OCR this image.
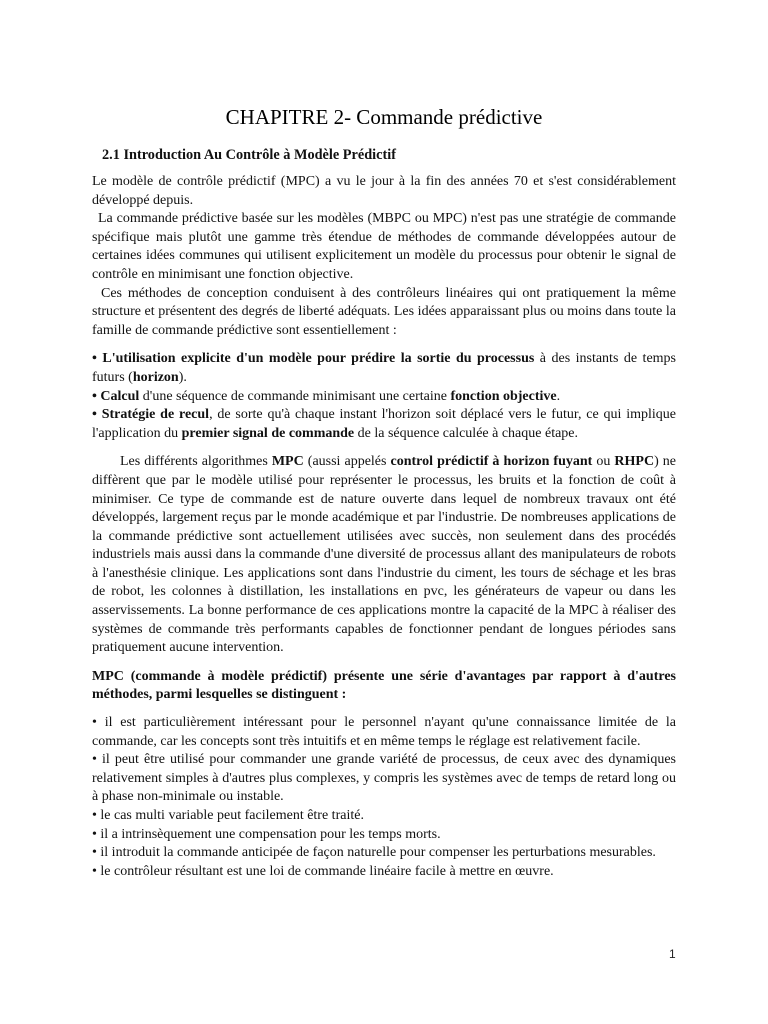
CHAPITRE 2- Commande prédictive
2.1 Introduction Au Contrôle à Modèle Prédictif

Le modèle de contrôle prédictif (MPC) a vu le jour à la fin des années 70 et s'est considérablement développé depuis.

La commande prédictive basée sur les modèles (MBPC ou MPC) n'est pas une stratégie de commande spécifique mais plutôt une gamme très étendue de méthodes de commande développées autour de certaines idées communes qui utilisent explicitement un modèle du processus pour obtenir le signal de contrôle en minimisant une fonction objective.

Ces méthodes de conception conduisent à des contrôleurs linéaires qui ont pratiquement la même structure et présentent des degrés de liberté adéquats. Les idées apparaissant plus ou moins dans toute la famille de commande prédictive sont essentiellement :

• L'utilisation explicite d'un modèle pour prédire la sortie du processus à des instants de temps futurs (horizon).

• Calcul d'une séquence de commande minimisant une certaine fonction objective.

• Stratégie de recul, de sorte qu'à chaque instant l'horizon soit déplacé vers le futur, ce qui implique l'application du premier signal de commande de la séquence calculée à chaque étape.

Les différents algorithmes MPC (aussi appelés control prédictif à horizon fuyant ou RHPC) ne diffèrent que par le modèle utilisé pour représenter le processus, les bruits et la fonction de coût à minimiser. Ce type de commande est de nature ouverte dans lequel de nombreux travaux ont été développés, largement reçus par le monde académique et par l'industrie. De nombreuses applications de la commande prédictive sont actuellement utilisées avec succès, non seulement dans des procédés industriels mais aussi dans la commande d'une diversité de processus allant des manipulateurs de robots à l'anesthésie clinique. Les applications sont dans l'industrie du ciment, les tours de séchage et les bras de robot, les colonnes à distillation, les installations en pvc, les générateurs de vapeur ou dans les asservissements. La bonne performance de ces applications montre la capacité de la MPC à réaliser des systèmes de commande très performants capables de fonctionner pendant de longues périodes sans pratiquement aucune intervention.

MPC (commande à modèle prédictif) présente une série d'avantages par rapport à d'autres méthodes, parmi lesquelles se distinguent :

• il est particulièrement intéressant pour le personnel n'ayant qu'une connaissance limitée de la commande, car les concepts sont très intuitifs et en même temps le réglage est relativement facile.

• il peut être utilisé pour commander une grande variété de processus, de ceux avec des dynamiques relativement simples à d'autres plus complexes, y compris les systèmes avec de temps de retard long ou à phase non-minimale ou instable.

• le cas multi variable peut facilement être traité.

• il a intrinsèquement une compensation pour les temps morts.

• il introduit la commande anticipée de façon naturelle pour compenser les perturbations mesurables.

• le contrôleur résultant est une loi de commande linéaire facile à mettre en œuvre.

1
